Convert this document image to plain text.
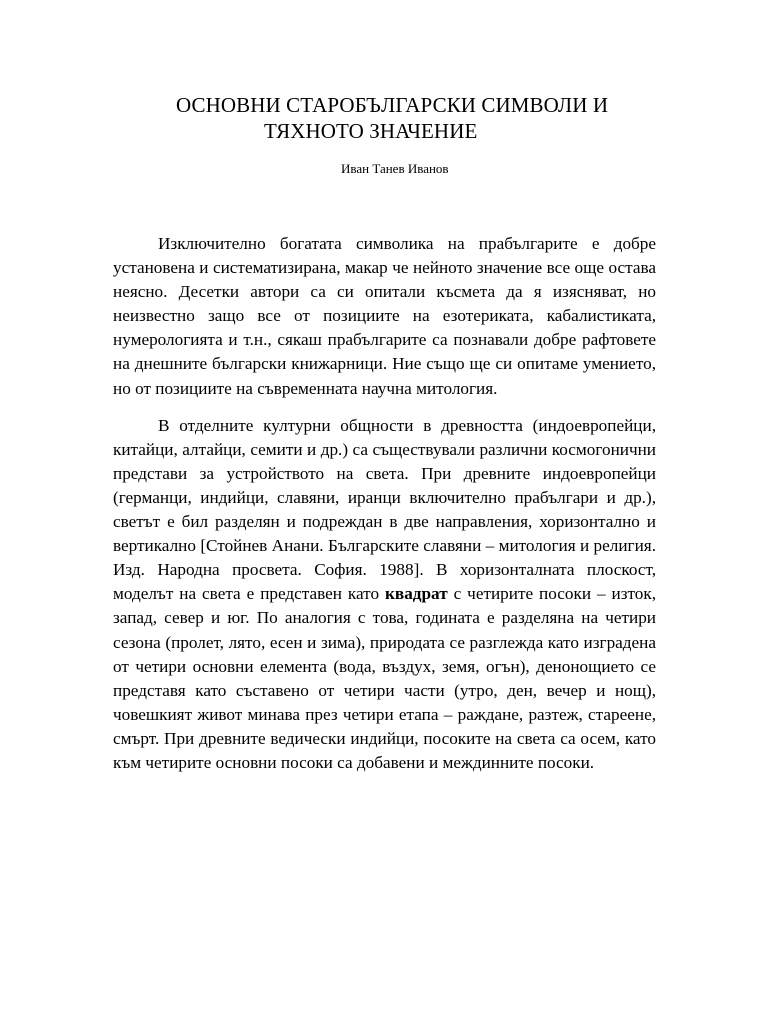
ОСНОВНИ СТАРОБЪЛГАРСКИ СИМВОЛИ И
ТЯХНОТО ЗНАЧЕНИЕ
Иван Танев Иванов

Изключително богатата символика на прабългарите е добре установена и систематизирана, макар че нейното значение все още остава неясно. Десетки автори са си опитали късмета да я изясняват, но неизвестно защо все от позициите на езотериката, кабалистиката, нумерологията и т.н., сякаш прабългарите са познавали добре рафтовете на днешните български книжарници. Ние също ще си опитаме умението, но от позициите на съвременната научна митология.

В отделните културни общности в древността (индоевропейци, китайци, алтайци, семити и др.) са съществували различни космогонични представи за устройството на света. При древните индоевропейци (германци, индийци, славяни, иранци включително прабългари и др.), светът е бил разделян и подреждан в две направления, хоризонтално и вертикално [Стойнев Анани. Българските славяни – митология и религия. Изд. Народна просвета. София. 1988]. В хоризонталната плоскост, моделът на света е представен като квадрат с четирите посоки – изток, запад, север и юг. По аналогия с това, годината е разделяна на четири сезона (пролет, лято, есен и зима), природата се разглежда като изградена от четири основни елемента (вода, въздух, земя, огън), денонощието се представя като съставено от четири части (утро, ден, вечер и нощ), човешкият живот минава през четири етапа – раждане, разтеж, стареене, смърт. При древните ведически индийци, посоките на света са осем, като към четирите основни посоки са добавени и междинните посоки.
